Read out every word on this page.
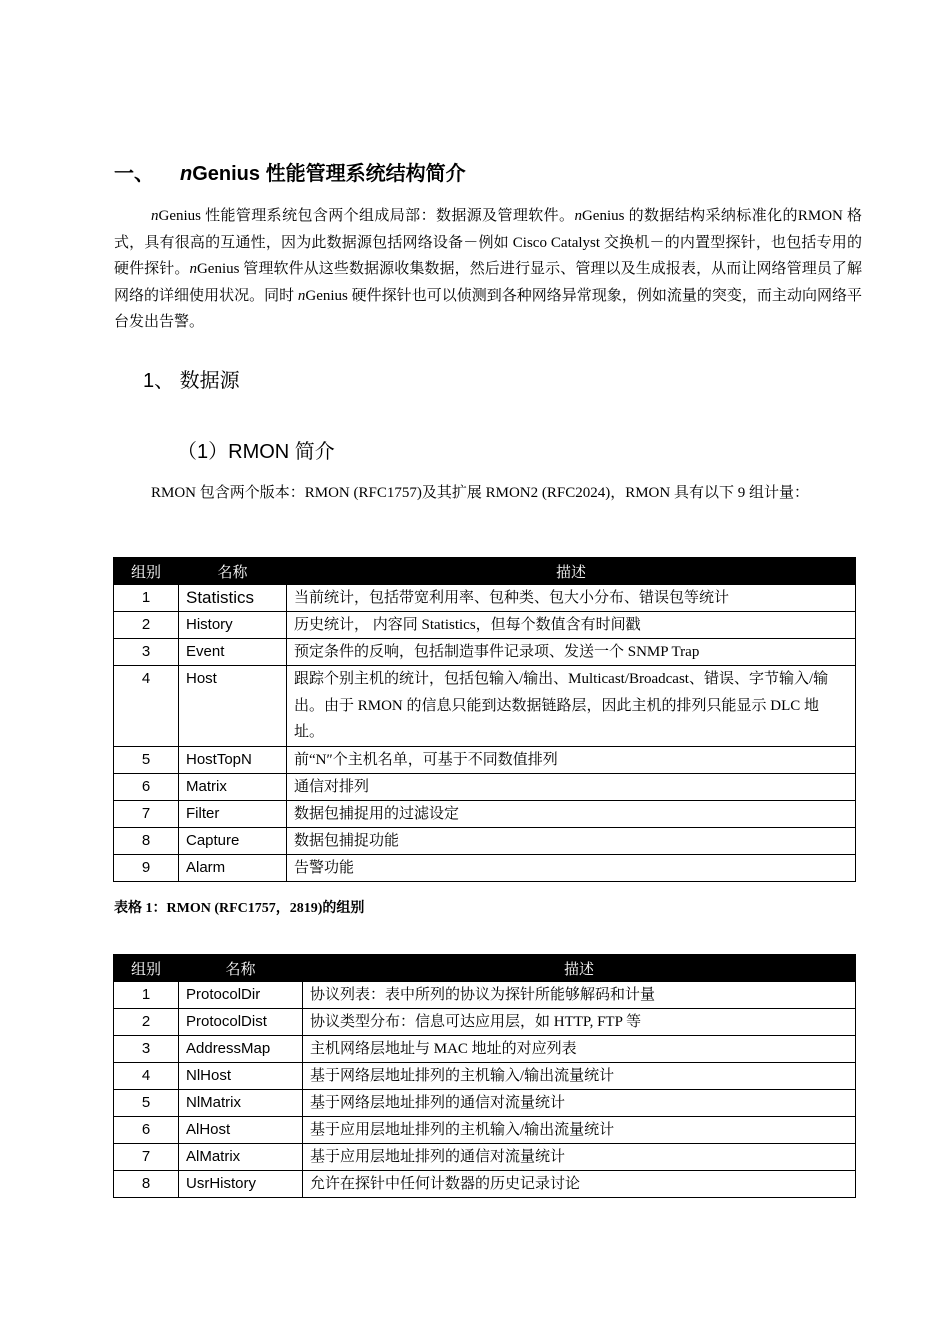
一、 nGenius 性能管理系统结构简介
nGenius 性能管理系统包含两个组成局部：数据源及管理软件。nGenius 的数据结构采纳标准化的RMON 格式，具有很高的互通性，因为此数据源包括网络设备－例如 Cisco Catalyst 交换机－的内置型探针，也包括专用的硬件探针。nGenius 管理软件从这些数据源收集数据，然后进行显示、管理以及生成报表，从而让网络管理员了解网络的详细使用状况。同时 nGenius 硬件探针也可以侦测到各种网络异常现象，例如流量的突变，而主动向网络平台发出告警。
1、 数据源
（1）RMON 简介
RMON 包含两个版本：RMON (RFC1757)及其扩展 RMON2 (RFC2024)，RMON 具有以下 9 组计量：
组别	名称	描述
1	Statistics	当前统计，包括带宽利用率、包种类、包大小分布、错误包等统计
2	History	历史统计， 内容同 Statistics，但每个数值含有时间戳
3	Event	预定条件的反响，包括制造事件记录项、发送一个 SNMP Trap
4	Host	跟踪个别主机的统计，包括包输入/输出、Multicast/Broadcast、错误、字节输入/输出。由于 RMON 的信息只能到达数据链路层，因此主机的排列只能显示 DLC 地址。
5	HostTopN	前“N″个主机名单，可基于不同数值排列
6	Matrix	通信对排列
7	Filter	数据包捕捉用的过滤设定
8	Capture	数据包捕捉功能
9	Alarm	告警功能
表格 1：RMON (RFC1757，2819)的组别
组别	名称	描述
1	ProtocolDir	协议列表：表中所列的协议为探针所能够解码和计量
2	ProtocolDist	协议类型分布：信息可达应用层，如 HTTP, FTP 等
3	AddressMap	主机网络层地址与 MAC 地址的对应列表
4	NlHost	基于网络层地址排列的主机输入/输出流量统计
5	NlMatrix	基于网络层地址排列的通信对流量统计
6	AlHost	基于应用层地址排列的主机输入/输出流量统计
7	AlMatrix	基于应用层地址排列的通信对流量统计
8	UsrHistory	允许在探针中任何计数器的历史记录讨论
